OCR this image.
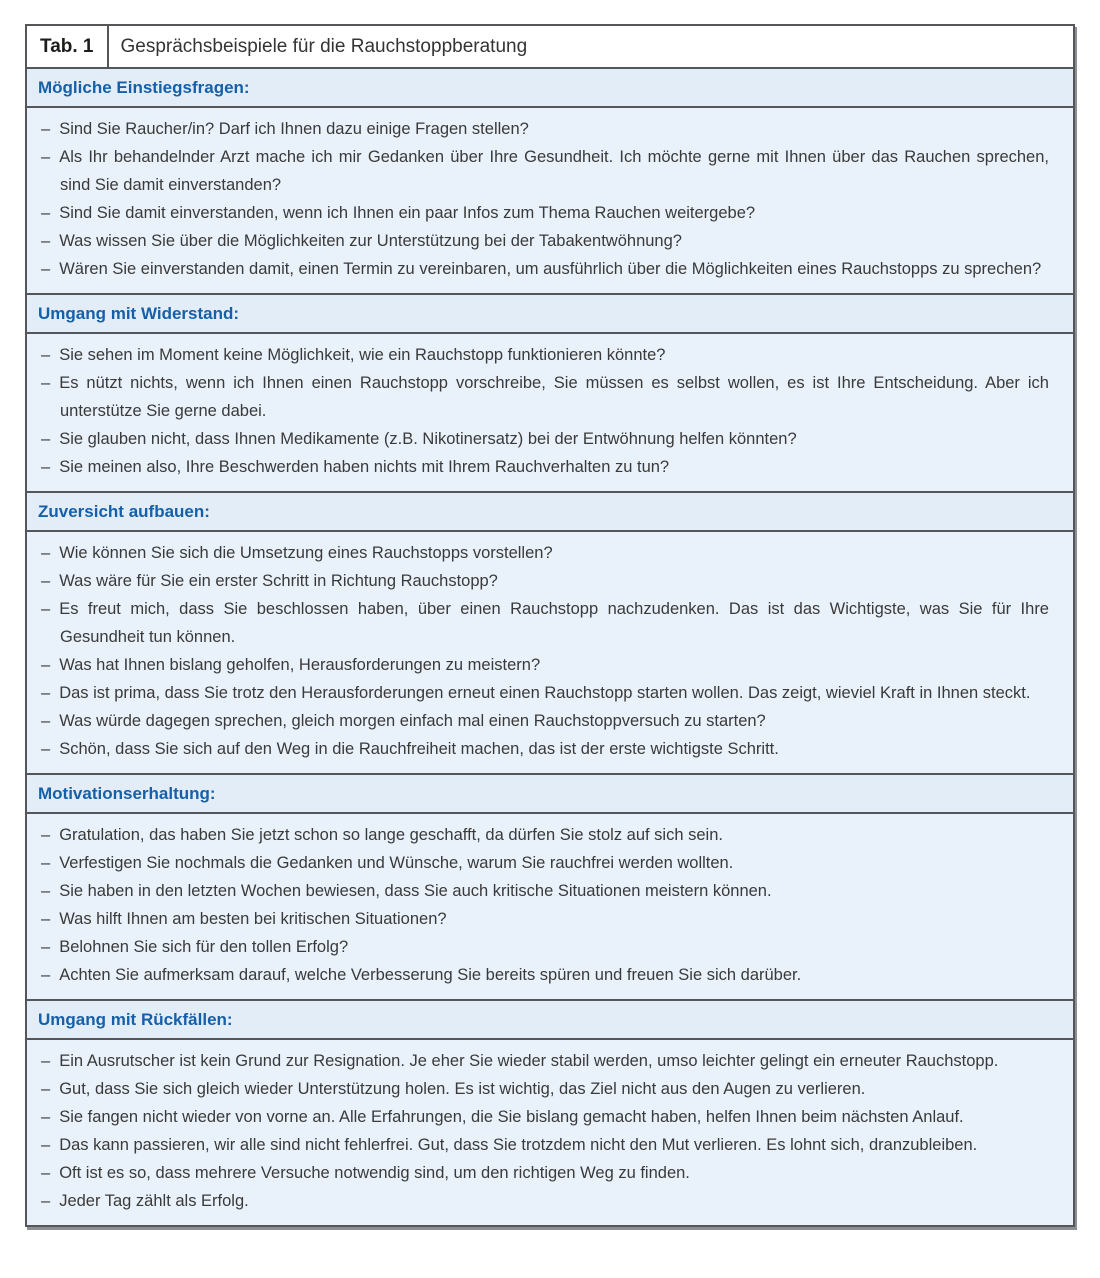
Tab. 1	Gesprächsbeispiele für die Rauchstoppberatung
Mögliche Einstiegsfragen:
– Sind Sie Raucher/in? Darf ich Ihnen dazu einige Fragen stellen?
– Als Ihr behandelnder Arzt mache ich mir Gedanken über Ihre Gesundheit. Ich möchte gerne mit Ihnen über das Rauchen sprechen, sind Sie damit einverstanden?
– Sind Sie damit einverstanden, wenn ich Ihnen ein paar Infos zum Thema Rauchen weitergebe?
– Was wissen Sie über die Möglichkeiten zur Unterstützung bei der Tabakentwöhnung?
– Wären Sie einverstanden damit, einen Termin zu vereinbaren, um ausführlich über die Möglichkeiten eines Rauchstopps zu sprechen?
Umgang mit Widerstand:
– Sie sehen im Moment keine Möglichkeit, wie ein Rauchstopp funktionieren könnte?
– Es nützt nichts, wenn ich Ihnen einen Rauchstopp vorschreibe, Sie müssen es selbst wollen, es ist Ihre Entscheidung. Aber ich unterstütze Sie gerne dabei.
– Sie glauben nicht, dass Ihnen Medikamente (z.B. Nikotinersatz) bei der Entwöhnung helfen könnten?
– Sie meinen also, Ihre Beschwerden haben nichts mit Ihrem Rauchverhalten zu tun?
Zuversicht aufbauen:
– Wie können Sie sich die Umsetzung eines Rauchstopps vorstellen?
– Was wäre für Sie ein erster Schritt in Richtung Rauchstopp?
– Es freut mich, dass Sie beschlossen haben, über einen Rauchstopp nachzudenken. Das ist das Wichtigste, was Sie für Ihre Gesundheit tun können.
– Was hat Ihnen bislang geholfen, Herausforderungen zu meistern?
– Das ist prima, dass Sie trotz den Herausforderungen erneut einen Rauchstopp starten wollen. Das zeigt, wieviel Kraft in Ihnen steckt.
– Was würde dagegen sprechen, gleich morgen einfach mal einen Rauchstoppversuch zu starten?
– Schön, dass Sie sich auf den Weg in die Rauchfreiheit machen, das ist der erste wichtigste Schritt.
Motivationserhaltung:
– Gratulation, das haben Sie jetzt schon so lange geschafft, da dürfen Sie stolz auf sich sein.
– Verfestigen Sie nochmals die Gedanken und Wünsche, warum Sie rauchfrei werden wollten.
– Sie haben in den letzten Wochen bewiesen, dass Sie auch kritische Situationen meistern können.
– Was hilft Ihnen am besten bei kritischen Situationen?
– Belohnen Sie sich für den tollen Erfolg?
– Achten Sie aufmerksam darauf, welche Verbesserung Sie bereits spüren und freuen Sie sich darüber.
Umgang mit Rückfällen:
– Ein Ausrutscher ist kein Grund zur Resignation. Je eher Sie wieder stabil werden, umso leichter gelingt ein erneuter Rauchstopp.
– Gut, dass Sie sich gleich wieder Unterstützung holen. Es ist wichtig, das Ziel nicht aus den Augen zu verlieren.
– Sie fangen nicht wieder von vorne an. Alle Erfahrungen, die Sie bislang gemacht haben, helfen Ihnen beim nächsten Anlauf.
– Das kann passieren, wir alle sind nicht fehlerfrei. Gut, dass Sie trotzdem nicht den Mut verlieren. Es lohnt sich, dranzubleiben.
– Oft ist es so, dass mehrere Versuche notwendig sind, um den richtigen Weg zu finden.
– Jeder Tag zählt als Erfolg.
